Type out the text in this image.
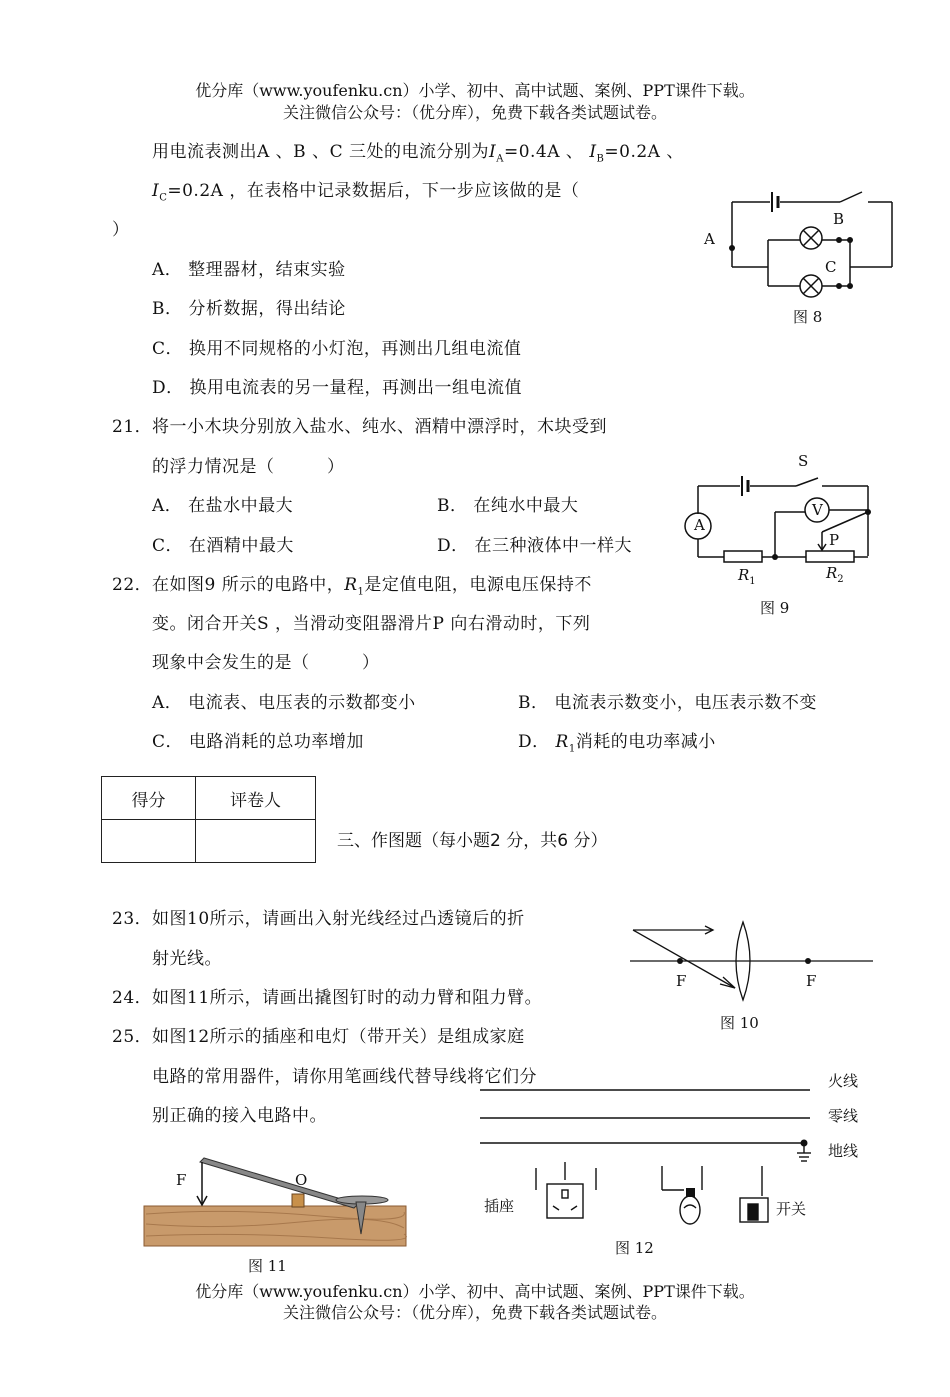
优分库（www.youfenku.cn）小学、初中、高中试题、案例、PPT课件下载。
关注微信公众号：（优分库），免费下载各类试题试卷。
用电流表测出A 、B 、C 三处的电流分别为$I_A=0.4A$ 、 $I_B=0.2A$ 、
$I_C=0.2A$ ，在表格中记录数据后，下一步应该做的是（
）
A． 整理器材，结束实验
B． 分析数据，得出结论
C． 换用不同规格的小灯泡，再测出几组电流值
D． 换用电流表的另一量程，再测出一组电流值
A
B
C
图 8
21． 将一小木块分别放入盐水、纯水、酒精中漂浮时，木块受到
的浮力情况是（　　　）
A． 在盐水中最大	B． 在纯水中最大
C． 在酒精中最大	D． 在三种液体中一样大
A
V
S
P
$R_1$	$R_2$
图 9
22． 在如图9 所示的电路中，$R_1$是定值电阻，电源电压保持不
变。闭合开关S ，当滑动变阻器滑片P 向右滑动时，下列
现象中会发生的是（　　　）
A． 电流表、电压表的示数都变小	B． 电流表示数变小，电压表示数不变
C． 电路消耗的总功率增加	D． $R_1$消耗的电功率减小
得分	评卷人

三、作图题（每小题2 分，共6 分）
23． 如图10所示，请画出入射光线经过凸透镜后的折
射光线。
24． 如图11所示，请画出撬图钉时的动力臂和阻力臂。
25． 如图12所示的插座和电灯（带开关）是组成家庭
电路的常用器件，请你用笔画线代替导线将它们分
别正确的接入电路中。
F	F
图 10
火线
零线
地线
插座	开关
图 12
F	O
图 11
优分库（www.youfenku.cn）小学、初中、高中试题、案例、PPT课件下载。
关注微信公众号：（优分库），免费下载各类试题试卷。
